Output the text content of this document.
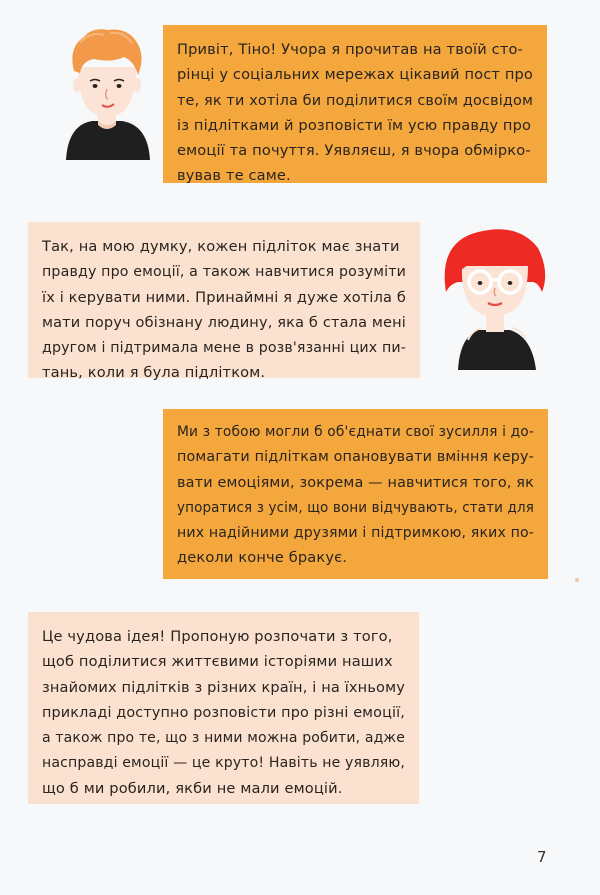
Привіт, Тіно! Учора я прочитав на твоїй сто-
рінці у соціальних мережах цікавий пост про
те, як ти хотіла би поділитися своїм досвідом
із підлітками й розповісти їм усю правду про
емоції та почуття. Уявляєш, я вчора обмірко-
вував те саме.
Так, на мою думку, кожен підліток має знати
правду про емоції, а також навчитися розуміти
їх і керувати ними. Принаймні я дуже хотіла б
мати поруч обізнану людину, яка б стала мені
другом і підтримала мене в розв'язанні цих пи-
тань, коли я була підлітком.
Ми з тобою могли б об'єднати свої зусилля і до-
помагати підліткам опановувати вміння керу-
вати емоціями, зокрема — навчитися того, як
упоратися з усім, що вони відчувають, стати для
них надійними друзями і підтримкою, яких по-
деколи конче бракує.
Це чудова ідея! Пропоную розпочати з того,
щоб поділитися життєвими історіями наших
знайомих підлітків з різних країн, і на їхньому
прикладі доступно розповісти про різні емоції,
а також про те, що з ними можна робити, адже
насправді емоції — це круто! Навіть не уявляю,
що б ми робили, якби не мали емоцій.
7
